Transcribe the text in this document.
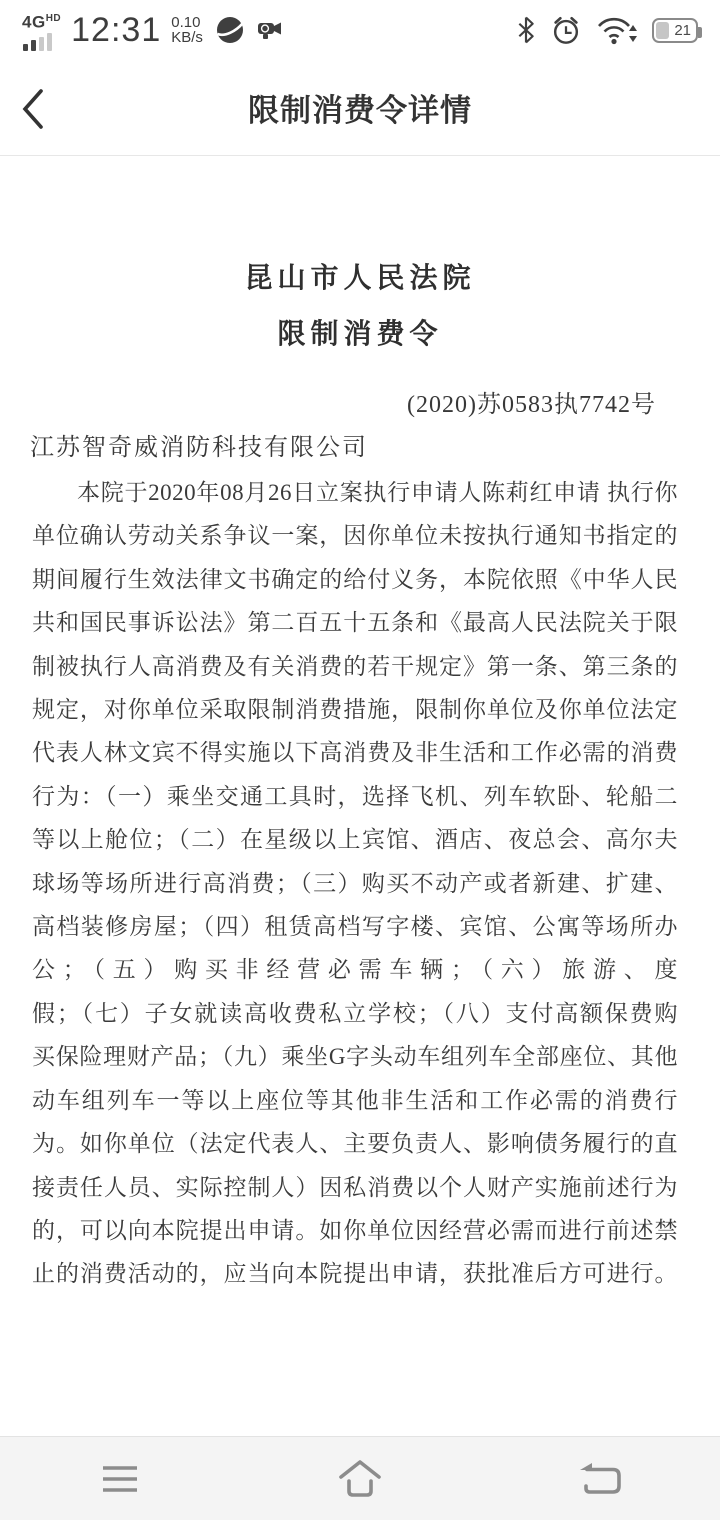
$4G^{HD}$ 12:31 0.10
KB/s	21
限制消费令详情
昆山市人民法院
限制消费令
(2020)苏0583执7742号
江苏智奇威消防科技有限公司
本院于2020年08月26日立案执行申请人陈莉红申请 执行你
单位确认劳动关系争议一案，因你单位未按执行通知书指定的
期间履行生效法律文书确定的给付义务，本院依照《中华人民
共和国民事诉讼法》第二百五十五条和《最高人民法院关于限
制被执行人高消费及有关消费的若干规定》第一条、第三条的
规定，对你单位采取限制消费措施，限制你单位及你单位法定
代表人林文宾不得实施以下高消费及非生活和工作必需的消费
行为：（一）乘坐交通工具时，选择飞机、列车软卧、轮船二
等以上舱位；（二）在星级以上宾馆、酒店、夜总会、高尔夫
球场等场所进行高消费；（三）购买不动产或者新建、扩建、
高档装修房屋；（四）租赁高档写字楼、宾馆、公寓等场所办
公；（五）购买非经营必需车辆；（六）旅游、度
假；（七）子女就读高收费私立学校；（八）支付高额保费购
买保险理财产品；（九）乘坐G字头动车组列车全部座位、其他
动车组列车一等以上座位等其他非生活和工作必需的消费行
为。如你单位（法定代表人、主要负责人、影响债务履行的直
接责任人员、实际控制人）因私消费以个人财产实施前述行为
的，可以向本院提出申请。如你单位因经营必需而进行前述禁
止的消费活动的，应当向本院提出申请，获批准后方可进行。
